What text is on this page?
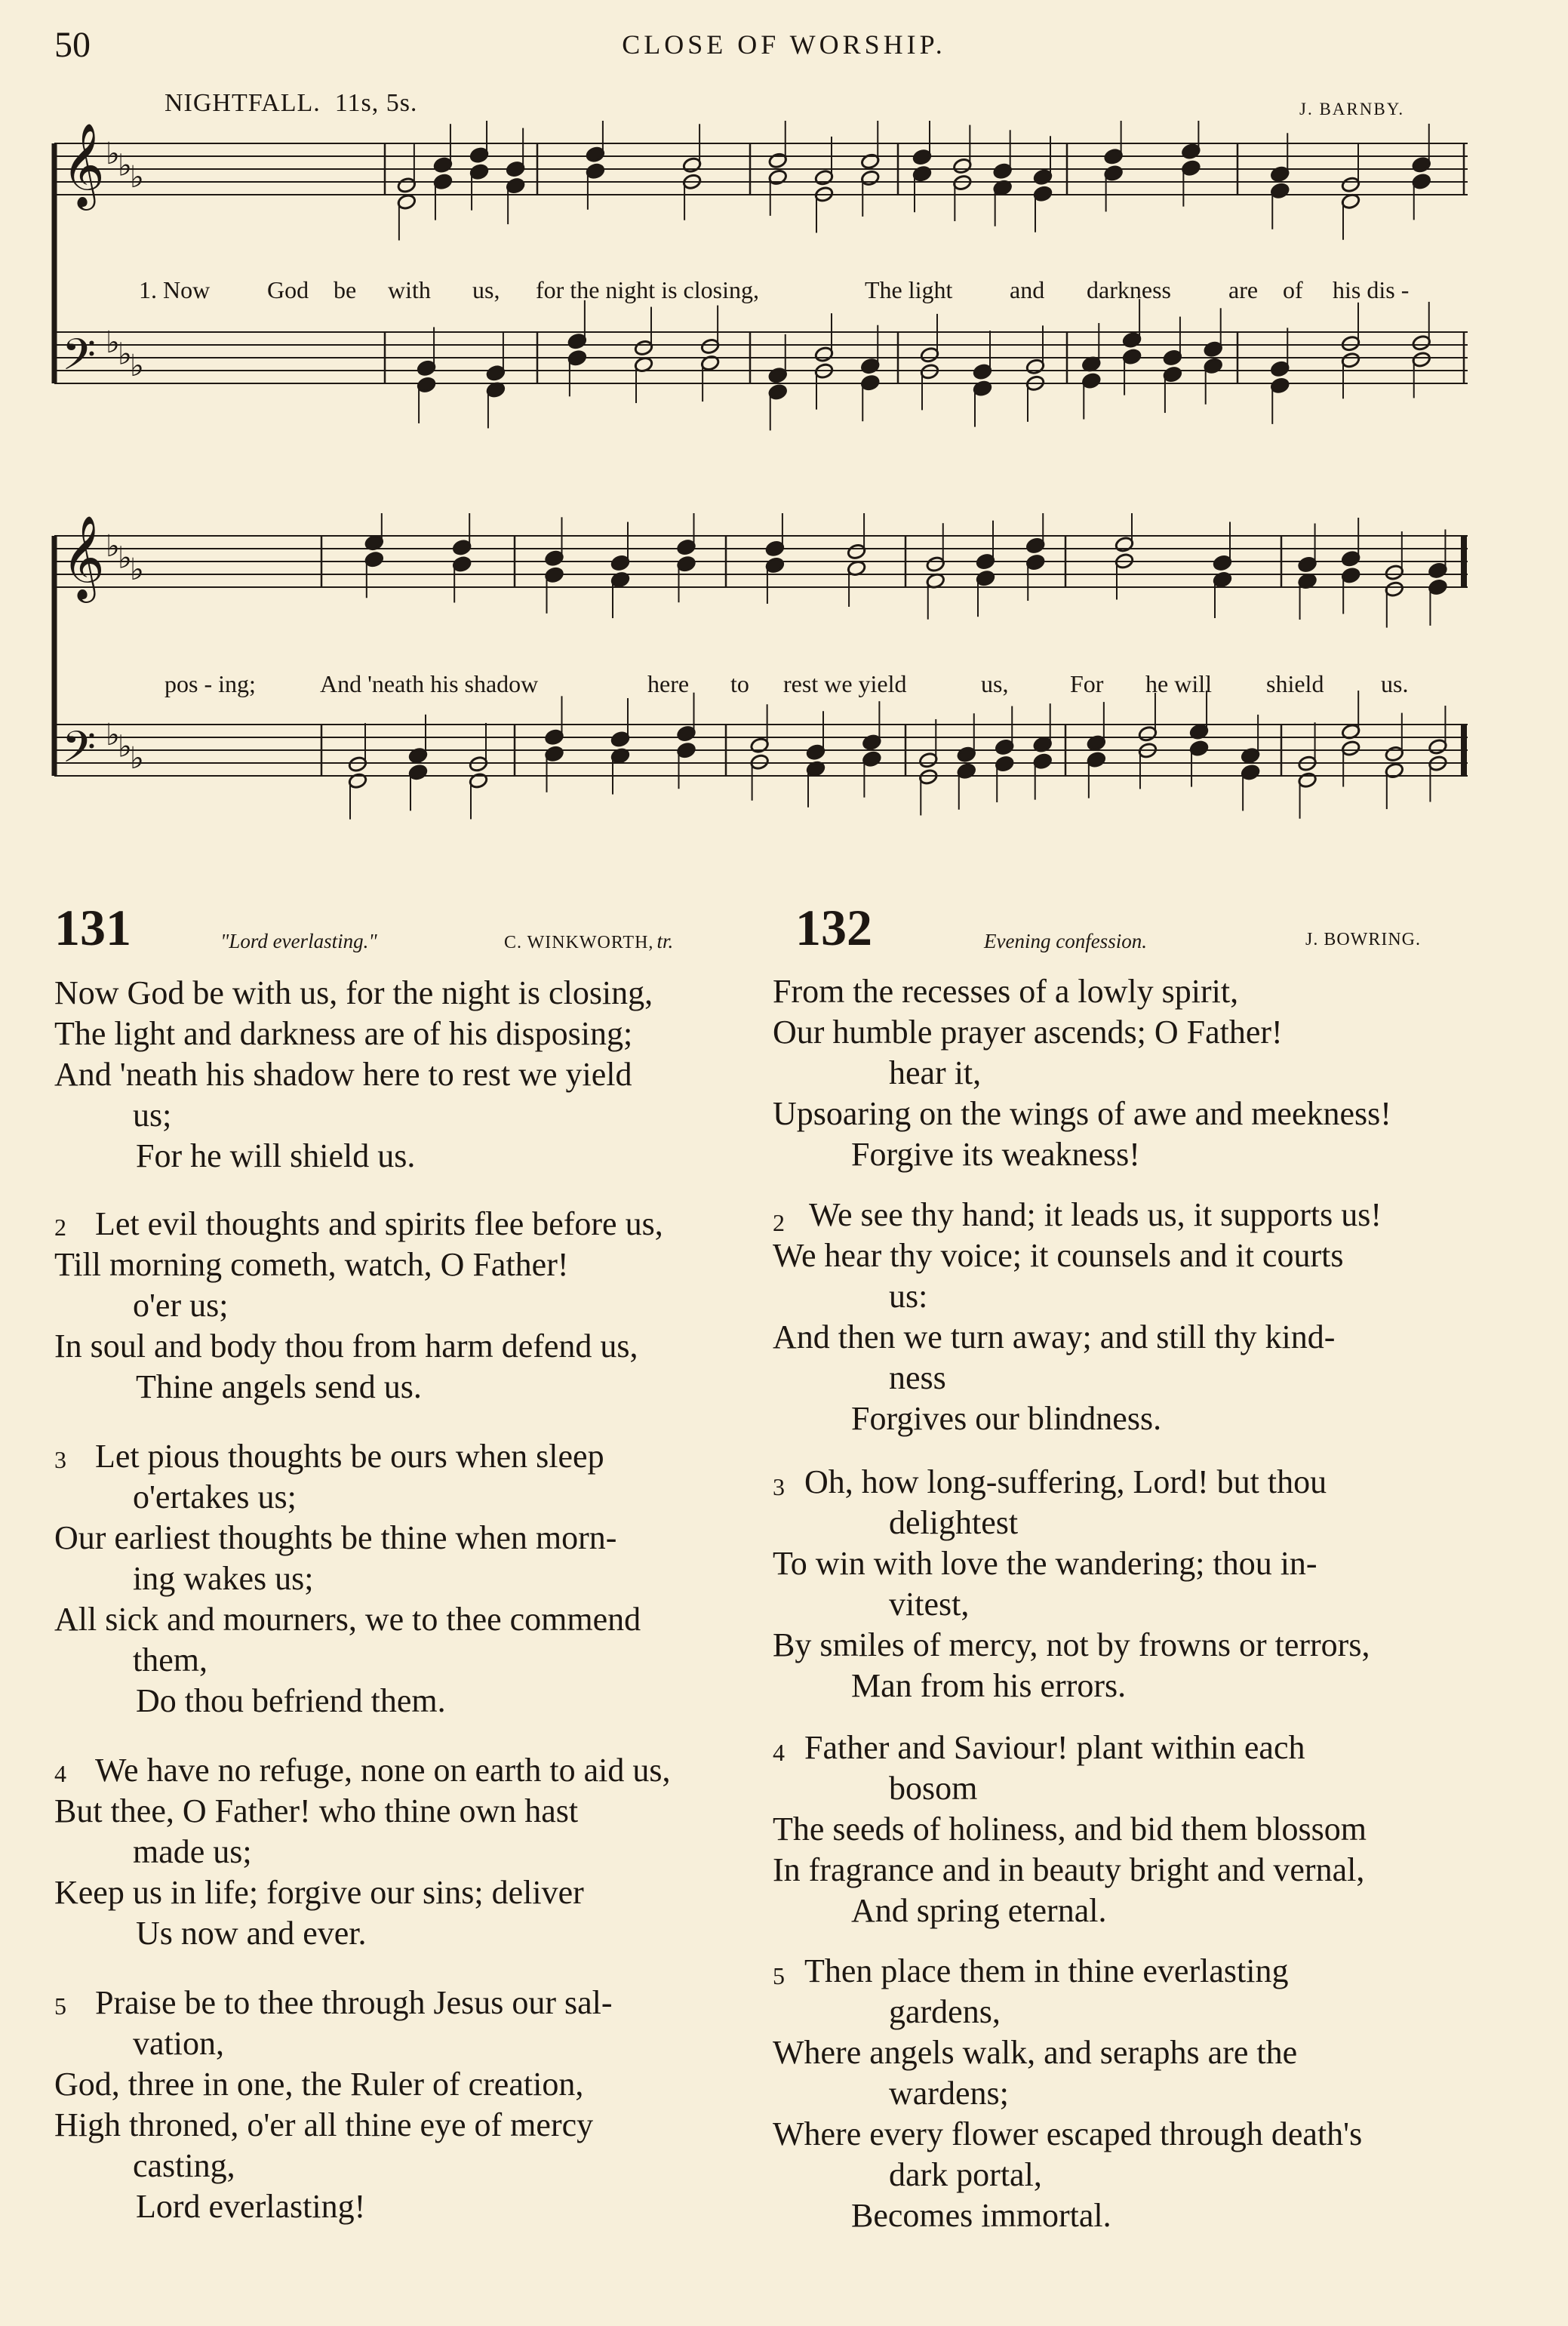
50	CLOSE OF WORSHIP.
NIGHTFALL. 11s, 5s.	J. BARNBY.
𝄞 ♭
♭
♭
𝄢 ♭
♭
♭
1. Now God be with us, for the night is closing,	The light and darkness are of his dis -
𝄞 ♭
♭
♭
𝄢 ♭
♭
♭
pos - ing;	And 'neath his shadow	here to rest we yield	us,	For he will shield us.
131	"Lord everlasting."	C. WINKWORTH, tr. 132	Evening confession.	J. BOWRING.
Now God be with us, for the night is closing,
The light and darkness are of his disposing;
And 'neath his shadow here to rest we yield
us;
For he will shield us.
2 Let evil thoughts and spirits flee before us,
Till morning cometh, watch, O Father!
o'er us;
In soul and body thou from harm defend us,
Thine angels send us.
3 Let pious thoughts be ours when sleep
o'ertakes us;
Our earliest thoughts be thine when morn-
ing wakes us;
All sick and mourners, we to thee commend
them,
Do thou befriend them.
4 We have no refuge, none on earth to aid us,
But thee, O Father! who thine own hast
made us;
Keep us in life; forgive our sins; deliver
Us now and ever.
5 Praise be to thee through Jesus our sal-
vation,
God, three in one, the Ruler of creation,
High throned, o'er all thine eye of mercy
casting,
Lord everlasting!
From the recesses of a lowly spirit,
Our humble prayer ascends; O Father!
hear it,
Upsoaring on the wings of awe and meekness!
Forgive its weakness!
2 We see thy hand; it leads us, it supports us!
We hear thy voice; it counsels and it courts
us:
And then we turn away; and still thy kind-
ness
Forgives our blindness.
3 Oh, how long-suffering, Lord! but thou
delightest
To win with love the wandering; thou in-
vitest,
By smiles of mercy, not by frowns or terrors,
Man from his errors.
4 Father and Saviour! plant within each
bosom
The seeds of holiness, and bid them blossom
In fragrance and in beauty bright and vernal,
And spring eternal.
5 Then place them in thine everlasting
gardens,
Where angels walk, and seraphs are the
wardens;
Where every flower escaped through death's
dark portal,
Becomes immortal.
